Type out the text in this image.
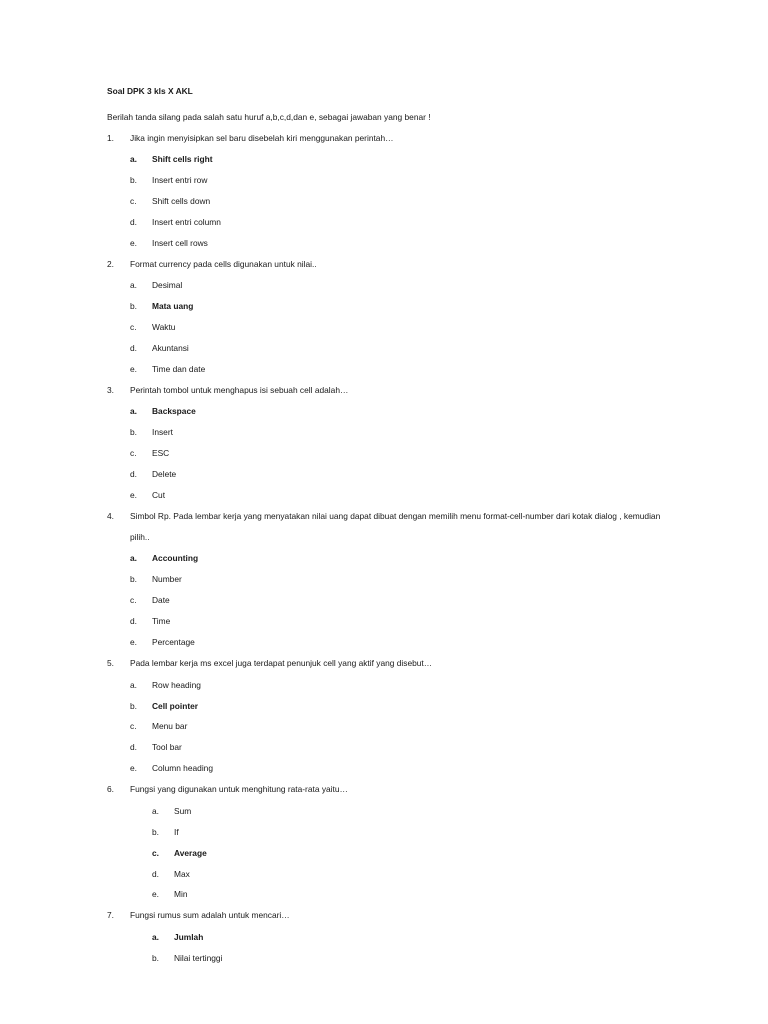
Soal DPK 3 kls X AKL
Berilah tanda silang pada salah satu huruf a,b,c,d,dan e, sebagai jawaban yang benar !
1. Jika ingin menyisipkan sel baru disebelah kiri menggunakan perintah…
a. Shift cells right
b. Insert entri row
c. Shift cells down
d. Insert entri column
e. Insert cell rows
2. Format currency pada cells digunakan untuk nilai..
a. Desimal
b. Mata uang
c. Waktu
d. Akuntansi
e. Time dan date
3. Perintah tombol untuk menghapus isi sebuah cell adalah…
a. Backspace
b. Insert
c. ESC
d. Delete
e. Cut
4. Simbol Rp. Pada lembar kerja yang menyatakan nilai uang dapat dibuat dengan memilih menu format-cell-number dari kotak dialog , kemudian
pilih..
a. Accounting
b. Number
c. Date
d. Time
e. Percentage
5. Pada lembar kerja ms excel juga terdapat penunjuk cell yang aktif yang disebut…
a. Row heading
b. Cell pointer
c. Menu bar
d. Tool bar
e. Column heading
6. Fungsi yang digunakan untuk menghitung rata-rata yaitu…
a. Sum
b. If
c. Average
d. Max
e. Min
7. Fungsi rumus sum adalah untuk mencari…
a. Jumlah
b. Nilai tertinggi
